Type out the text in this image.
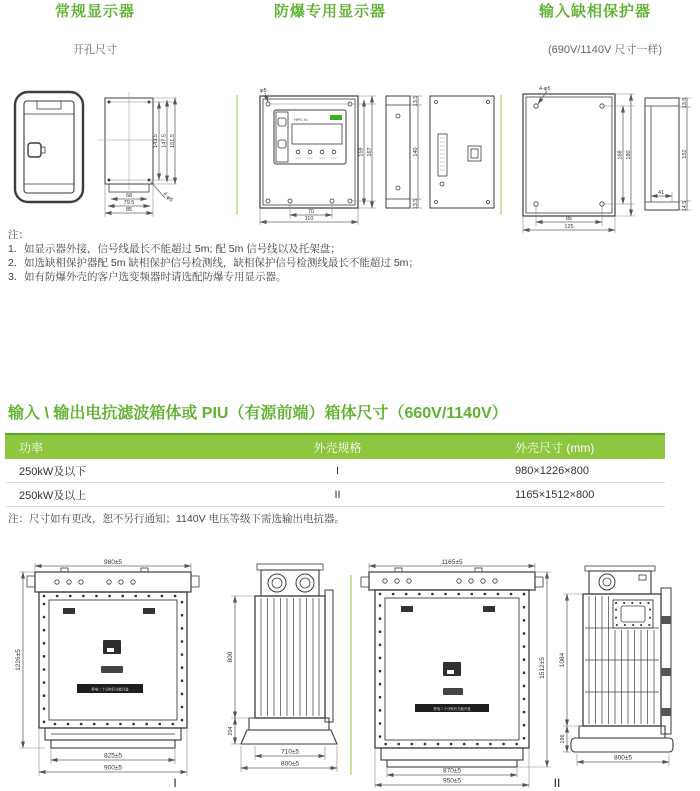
常规显示器	防爆专用显示器	输入缺相保护器
开孔尺寸	(690V/1140V 尺寸一样)
143.5 147.5 151.5
68
79.5
85
4-φ5
HPV-7x
φ5
159 167
70
110
13.5
140
13.5
4-φ5
168 180
85
125
41
13.5
152
14.5
注：
1. 如显示器外接，信号线最长不能超过 5m; 配 5m 信号线以及托架盘；
2. 如选缺相保护器配 5m 缺相保护信号检测线，缺相保护信号检测线最长不能超过 5m；
3. 如有防爆外壳的客户选变频器时请选配防爆专用显示器。
输入 \ 输出电抗滤波箱体或 PIU（有源前端）箱体尺寸（660V/1140V）
功率	外壳规格	外壳尺寸 (mm)
250kW及以下	I	980×1226×800
250kW及以上	II	1165×1512×800
注：尺寸如有更改，恕不另行通知；1140V 电压等级下需选输出电抗器。
980±5
停电二十分钟后方能开盖
1226±5
825±5
900±5
800
204
710±5
800±5
I
1165±5
停电二十分钟后方能开盖
1512±5
870±5
950±5
1084
196
800±5
II
